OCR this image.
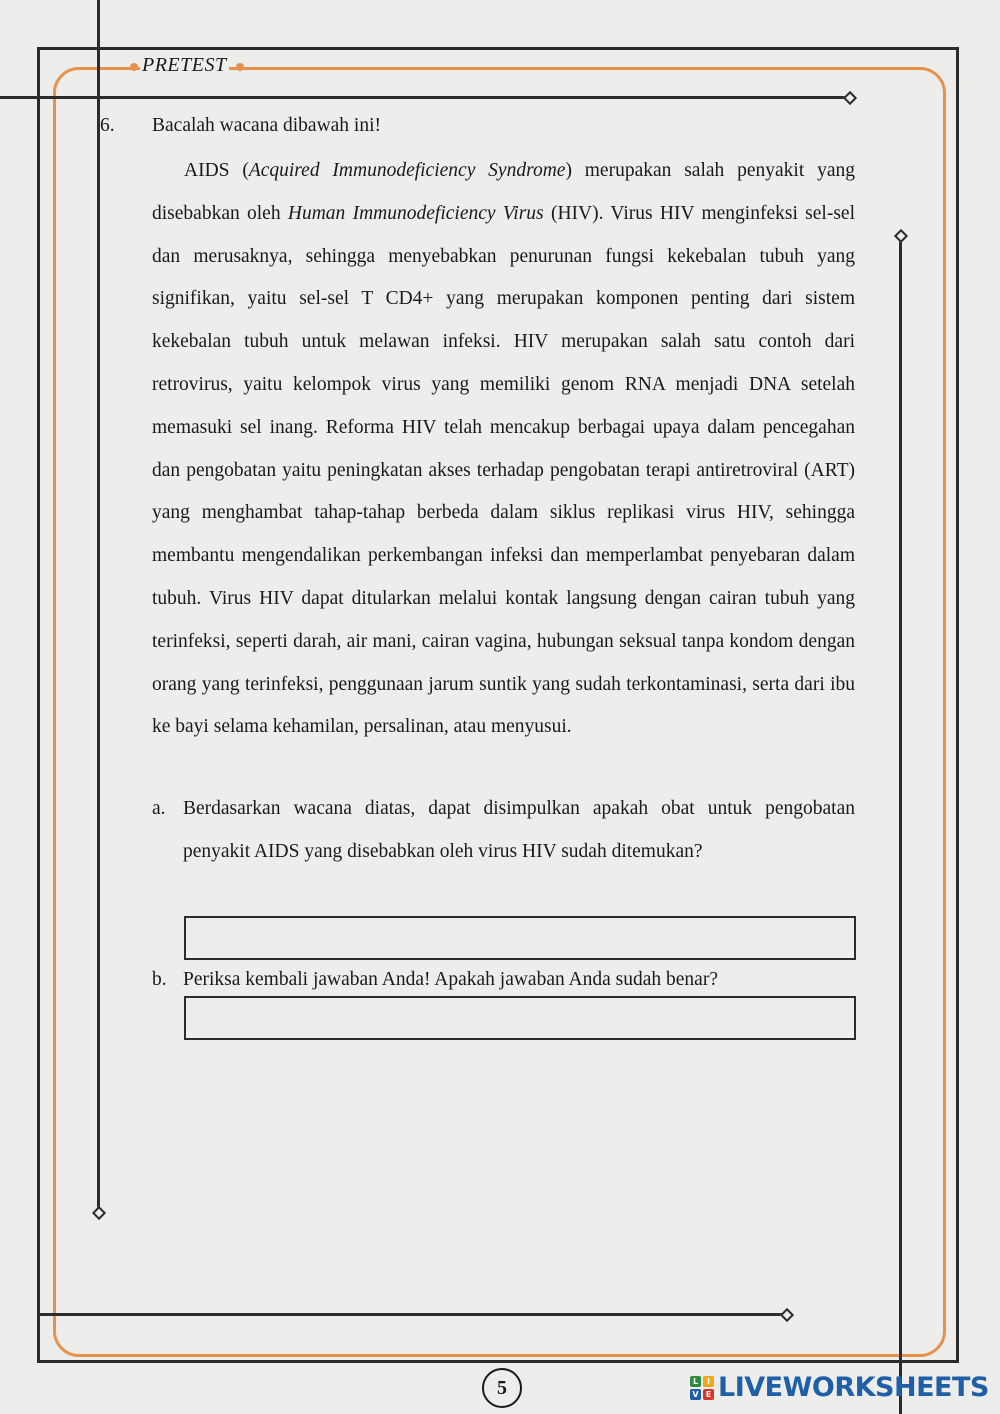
PRETEST
6. Bacalah wacana dibawah ini!
AIDS (Acquired Immunodeficiency Syndrome) merupakan salah penyakit yang disebabkan oleh Human Immunodeficiency Virus (HIV). Virus HIV menginfeksi sel-sel dan merusaknya, sehingga menyebabkan penurunan fungsi kekebalan tubuh yang signifikan, yaitu sel-sel T CD4+ yang merupakan komponen penting dari sistem kekebalan tubuh untuk melawan infeksi. HIV merupakan salah satu contoh dari retrovirus, yaitu kelompok virus yang memiliki genom RNA menjadi DNA setelah memasuki sel inang. Reforma HIV telah mencakup berbagai upaya dalam pencegahan dan pengobatan yaitu peningkatan akses terhadap pengobatan terapi antiretroviral (ART) yang menghambat tahap-tahap berbeda dalam siklus replikasi virus HIV, sehingga membantu mengendalikan perkembangan infeksi dan memperlambat penyebaran dalam tubuh. Virus HIV dapat ditularkan melalui kontak langsung dengan cairan tubuh yang terinfeksi, seperti darah, air mani, cairan vagina, hubungan seksual tanpa kondom dengan orang yang terinfeksi, penggunaan jarum suntik yang sudah terkontaminasi, serta dari ibu ke bayi selama kehamilan, persalinan, atau menyusui.
a. Berdasarkan wacana diatas, dapat disimpulkan apakah obat untuk pengobatan penyakit AIDS yang disebabkan oleh virus HIV sudah ditemukan?
b. Periksa kembali jawaban Anda! Apakah jawaban Anda sudah benar?
5	L	I
V E LIVEWORKSHEETS
